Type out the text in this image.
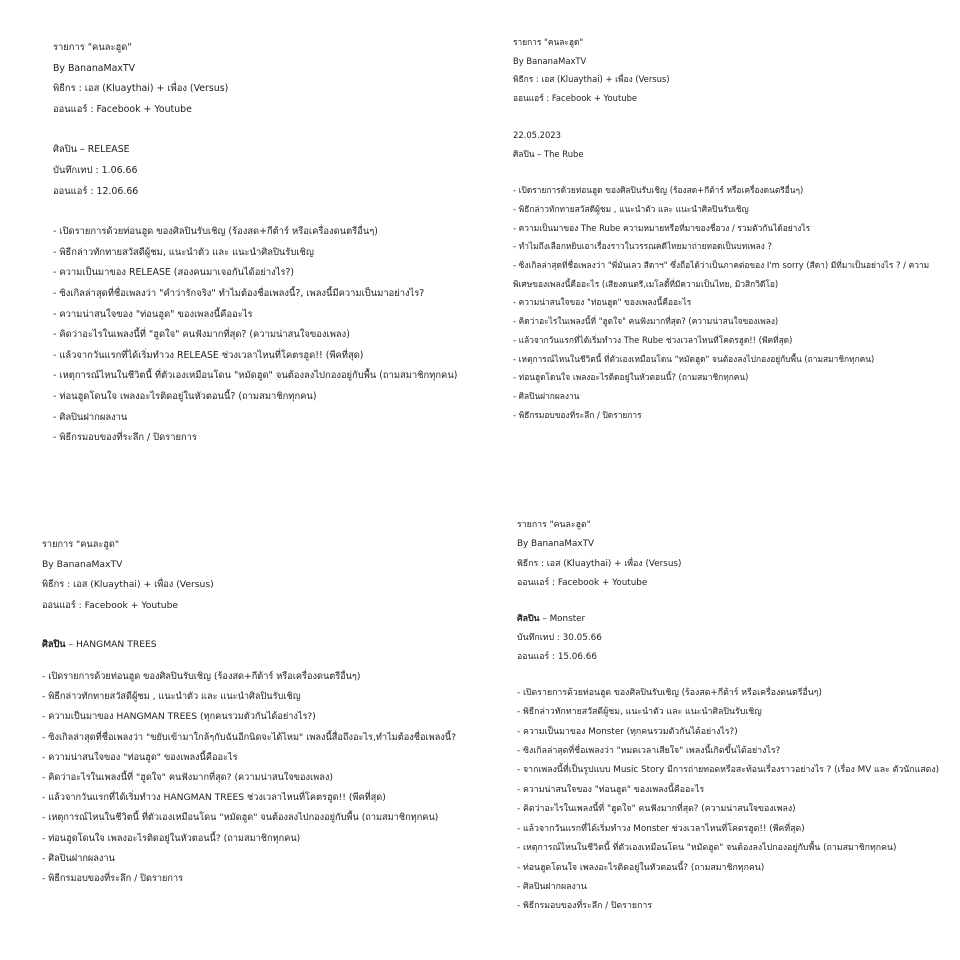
รายการ "คนละฮูด"
By BananaMaxTV
พิธีกร : เอส (Kluaythai) + เพื่อง (Versus)
ออนแอร์ : Facebook + Youtube
ศิลปิน – RELEASE
บันทึกเทป : 1.06.66
ออนแอร์ : 12.06.66
- เปิดรายการด้วยท่อนฮูด ของศิลปินรับเชิญ (ร้องสด+กีต้าร์ หรือเครื่องดนตรีอื่นๆ)
- พิธีกล่าวทักทายสวัสดีผู้ชม, แนะนำตัว และ แนะนำศิลปินรับเชิญ
- ความเป็นมาของ RELEASE (สองคนมาเจอกันได้อย่างไร?)
- ซิงเกิลล่าสุดที่ชื่อเพลงว่า "คำว่ารักจริง" ทำไมต้องชื่อเพลงนี้?, เพลงนี้มีความเป็นมาอย่างไร?
- ความน่าสนใจของ "ท่อนฮูด" ของเพลงนี้คืออะไร
- คิดว่าอะไรในเพลงนี้ที่ "ฮูดใจ" คนฟังมากที่สุด? (ความน่าสนใจของเพลง)
- แล้วจากวันแรกที่ได้เริ่มทำวง RELEASE ช่วงเวลาไหนที่โคตรฮูด!! (พีคที่สุด)
- เหตุการณ์ไหนในชีวิตนี้ ที่ตัวเองเหมือนโดน "หมัดฮูด" จนต้องลงไปกองอยู่กับพื้น (ถามสมาชิกทุกคน)
- ท่อนฮูดโดนใจ เพลงอะไรติดอยู่ในหัวตอนนี้? (ถามสมาชิกทุกคน)
- ศิลปินฝากผลงาน
- พิธีกรมอบของที่ระลึก / ปิดรายการ
รายการ "คนละฮูด"
By BananaMaxTV
พิธีกร : เอส (Kluaythai) + เพื่อง (Versus)
ออนแอร์ : Facebook + Youtube
22.05.2023
ศิลปิน – The Rube
- เปิดรายการด้วยท่อนฮูด ของศิลปินรับเชิญ (ร้องสด+กีต้าร์ หรือเครื่องดนตรีอื่นๆ)
- พิธีกล่าวทักทายสวัสดีผู้ชม , แนะนำตัว และ แนะนำศิลปินรับเชิญ
- ความเป็นมาของ The Rube ความหมายหรือที่มาของชื่อวง / รวมตัวกันได้อย่างไร
- ทำไมถึงเลือกหยิบเอาเรื่องราวในวรรณคดีไทยมาถ่ายทอดเป็นบทเพลง ?
- ซิงเกิลล่าสุดที่ชื่อเพลงว่า "พี่มันเลว สีดาฯ" ซึ่งถือได้ว่าเป็นภาคต่อของ I'm sorry (สีดา) มีที่มาเป็นอย่างไร ? / ความ
พิเศษของเพลงนี้คืออะไร (เสียงดนตรี,เมโลดี้ที่มีความเป็นไทย, มิวสิกวิดีโอ)
- ความน่าสนใจของ "ท่อนฮูด" ของเพลงนี้คืออะไร
- คิดว่าอะไรในเพลงนี้ที่ "ฮูดใจ" คนฟังมากที่สุด? (ความน่าสนใจของเพลง)
- แล้วจากวันแรกที่ได้เริ่มทำวง The Rube ช่วงเวลาไหนที่โคตรฮูด!! (พีคที่สุด)
- เหตุการณ์ไหนในชีวิตนี้ ที่ตัวเองเหมือนโดน "หมัดฮูด" จนต้องลงไปกองอยู่กับพื้น (ถามสมาชิกทุกคน)
- ท่อนฮูดโดนใจ เพลงอะไรติดอยู่ในหัวตอนนี้? (ถามสมาชิกทุกคน)
- ศิลปินฝากผลงาน
- พิธีกรมอบของที่ระลึก / ปิดรายการ
รายการ "คนละฮูด"
By BananaMaxTV
พิธีกร : เอส (Kluaythai) + เพื่อง (Versus)
ออนแอร์ : Facebook + Youtube
ศิลปิน – HANGMAN TREES
- เปิดรายการด้วยท่อนฮูด ของศิลปินรับเชิญ (ร้องสด+กีต้าร์ หรือเครื่องดนตรีอื่นๆ)
- พิธีกล่าวทักทายสวัสดีผู้ชม , แนะนำตัว และ แนะนำศิลปินรับเชิญ
- ความเป็นมาของ HANGMAN TREES (ทุกคนรวมตัวกันได้อย่างไร?)
- ซิงเกิลล่าสุดที่ชื่อเพลงว่า "ขยับเข้ามาใกล้ๆกับฉันอีกนิดจะได้ไหม" เพลงนี้สื่อถึงอะไร,ทำไมต้องชื่อเพลงนี้?
- ความน่าสนใจของ "ท่อนฮูด" ของเพลงนี้คืออะไร
- คิดว่าอะไรในเพลงนี้ที่ "ฮูดใจ" คนฟังมากที่สุด? (ความน่าสนใจของเพลง)
- แล้วจากวันแรกที่ได้เริ่มทำวง HANGMAN TREES ช่วงเวลาไหนที่โคตรฮูด!! (พีคที่สุด)
- เหตุการณ์ไหนในชีวิตนี้ ที่ตัวเองเหมือนโดน "หมัดฮูด" จนต้องลงไปกองอยู่กับพื้น (ถามสมาชิกทุกคน)
- ท่อนฮูดโดนใจ เพลงอะไรติดอยู่ในหัวตอนนี้? (ถามสมาชิกทุกคน)
- ศิลปินฝากผลงาน
- พิธีกรมอบของที่ระลึก / ปิดรายการ
รายการ "คนละฮูด"
By BananaMaxTV
พิธีกร : เอส (Kluaythai) + เพื่อง (Versus)
ออนแอร์ : Facebook + Youtube
ศิลปิน – Monster
บันทึกเทป : 30.05.66
ออนแอร์ : 15.06.66
- เปิดรายการด้วยท่อนฮูด ของศิลปินรับเชิญ (ร้องสด+กีต้าร์ หรือเครื่องดนตรีอื่นๆ)
- พิธีกล่าวทักทายสวัสดีผู้ชม, แนะนำตัว และ แนะนำศิลปินรับเชิญ
- ความเป็นมาของ Monster (ทุกคนรวมตัวกันได้อย่างไร?)
- ซิงเกิลล่าสุดที่ชื่อเพลงว่า "หมดเวลาเสียใจ" เพลงนี้เกิดขึ้นได้อย่างไร?
- จากเพลงนี้ที่เป็นรูปแบบ Music Story มีการถ่ายทอดหรือสะท้อนเรื่องราวอย่างไร ? (เรื่อง MV และ ตัวนักแสดง)
- ความน่าสนใจของ "ท่อนฮูด" ของเพลงนี้คืออะไร
- คิดว่าอะไรในเพลงนี้ที่ "ฮูดใจ" คนฟังมากที่สุด? (ความน่าสนใจของเพลง)
- แล้วจากวันแรกที่ได้เริ่มทำวง Monster ช่วงเวลาไหนที่โคตรฮูด!! (พีคที่สุด)
- เหตุการณ์ไหนในชีวิตนี้ ที่ตัวเองเหมือนโดน "หมัดฮูด" จนต้องลงไปกองอยู่กับพื้น (ถามสมาชิกทุกคน)
- ท่อนฮูดโดนใจ เพลงอะไรติดอยู่ในหัวตอนนี้? (ถามสมาชิกทุกคน)
- ศิลปินฝากผลงาน
- พิธีกรมอบของที่ระลึก / ปิดรายการ
